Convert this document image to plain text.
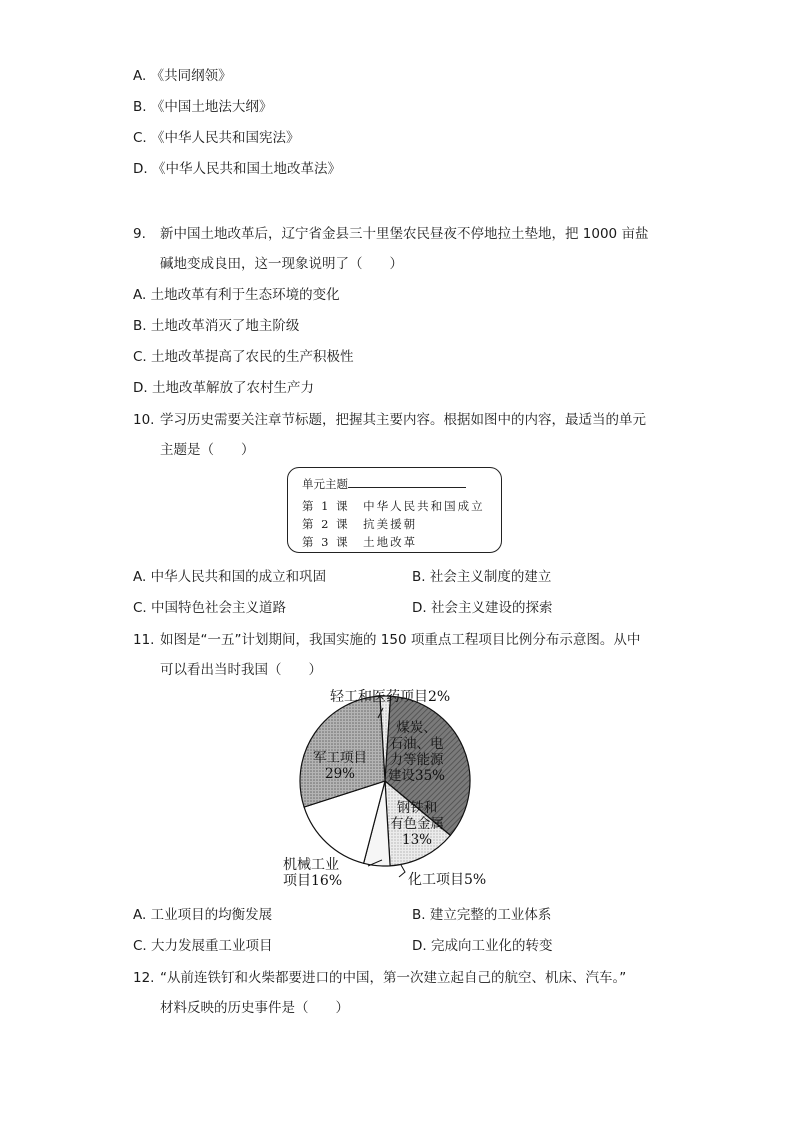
A. 《共同纲领》
B. 《中国土地法大纲》
C. 《中华人民共和国宪法》
D. 《中华人民共和国土地改革法》
9. 新中国土地改革后，辽宁省金县三十里堡农民昼夜不停地拉土垫地，把 1000 亩盐
碱地变成良田，这一现象说明了（　　）
A. 土地改革有利于生态环境的变化
B. 土地改革消灭了地主阶级
C. 土地改革提高了农民的生产积极性
D. 土地改革解放了农村生产力
10. 学习历史需要关注章节标题，把握其主要内容。根据如图中的内容，最适当的单元
主题是（　　）
单元主题
第 1 课　中华人民共和国成立
第 2 课　抗美援朝
第 3 课　土地改革
A. 中华人民共和国的成立和巩固	B. 社会主义制度的建立
C. 中国特色社会主义道路	D. 社会主义建设的探索
11. 如图是“一五”计划期间，我国实施的 150 项重点工程项目比例分布示意图。从中
可以看出当时我国（　　）
轻工和医药项目2%
煤炭、
石油、电
力等能源
建设35%
钢铁和
有色金属
13%
军工项目
29%
机械工业
项目16%	化工项目5%
A. 工业项目的均衡发展	B. 建立完整的工业体系
C. 大力发展重工业项目	D. 完成向工业化的转变
12. “从前连铁钉和火柴都要进口的中国，第一次建立起自己的航空、机床、汽车。”
材料反映的历史事件是（　　）
